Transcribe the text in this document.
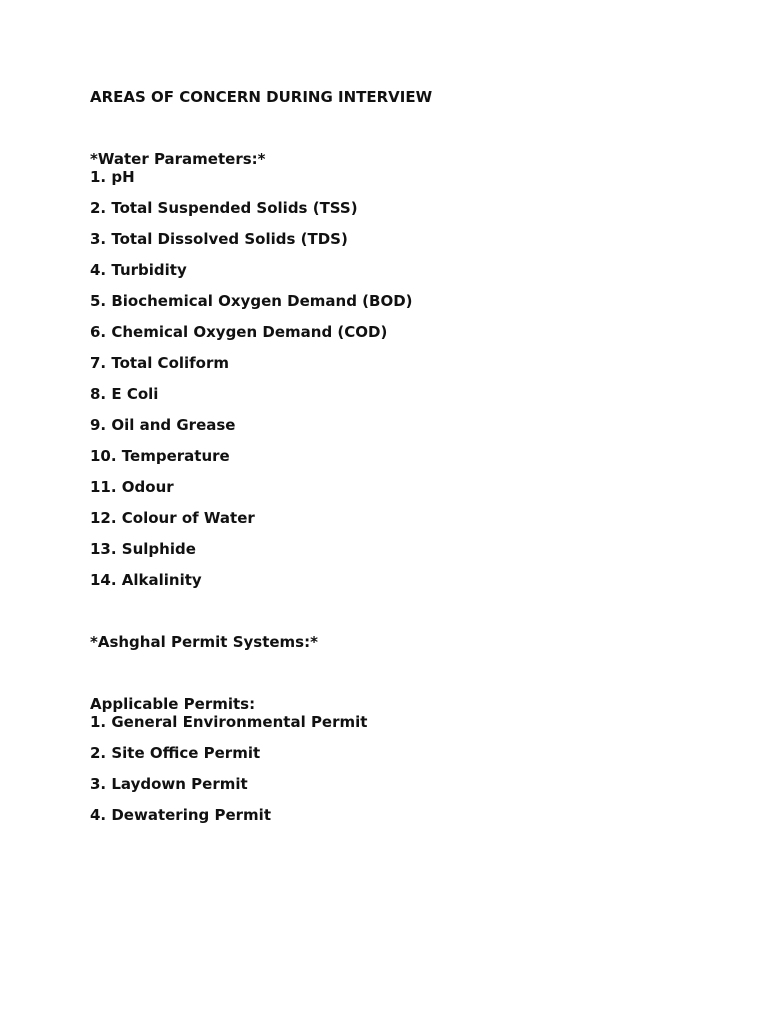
AREAS OF CONCERN DURING INTERVIEW

*Water Parameters:*

1. pH
2. Total Suspended Solids (TSS)
3. Total Dissolved Solids (TDS)
4. Turbidity
5. Biochemical Oxygen Demand (BOD)
6. Chemical Oxygen Demand (COD)
7. Total Coliform
8. E Coli
9. Oil and Grease
10. Temperature
11. Odour
12. Colour of Water
13. Sulphide
14. Alkalinity

*Ashghal Permit Systems:*

Applicable Permits:

1. General Environmental Permit
2. Site Office Permit
3. Laydown Permit
4. Dewatering Permit
